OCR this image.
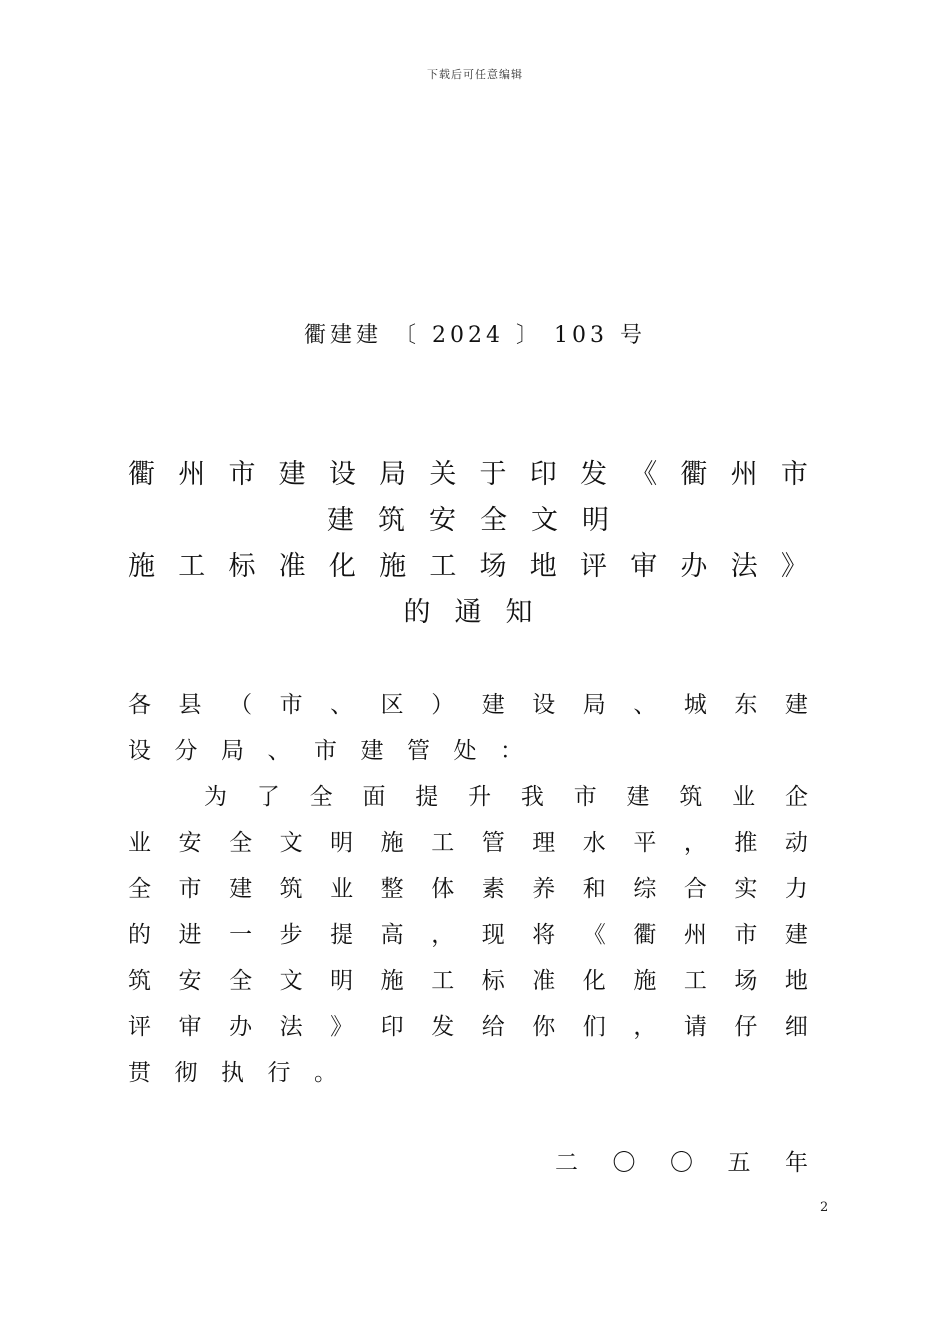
下载后可任意编辑
衢建建 〔 2024 〕 103 号
衢 州 市 建 设 局 关 于 印 发 《 衢 州 市
建 筑 安 全 文 明
施 工 标 准 化 施 工 场 地 评 审 办 法 》
的 通 知
各 县 （ 市 、 区 ） 建 设 局 、 城 东 建
设 分 局 、 市 建 管 处 ：
为 了 全 面 提 升 我 市 建 筑 业 企
业 安 全 文 明 施 工 管 理 水 平 ， 推 动
全 市 建 筑 业 整 体 素 养 和 综 合 实 力
的 进 一 步 提 高 ， 现 将 《 衢 州 市 建
筑 安 全 文 明 施 工 标 准 化 施 工 场 地
评 审 办 法 》 印 发 给 你 们 ， 请 仔 细
贯 彻 执 行 。
二 〇 〇 五 年
2
